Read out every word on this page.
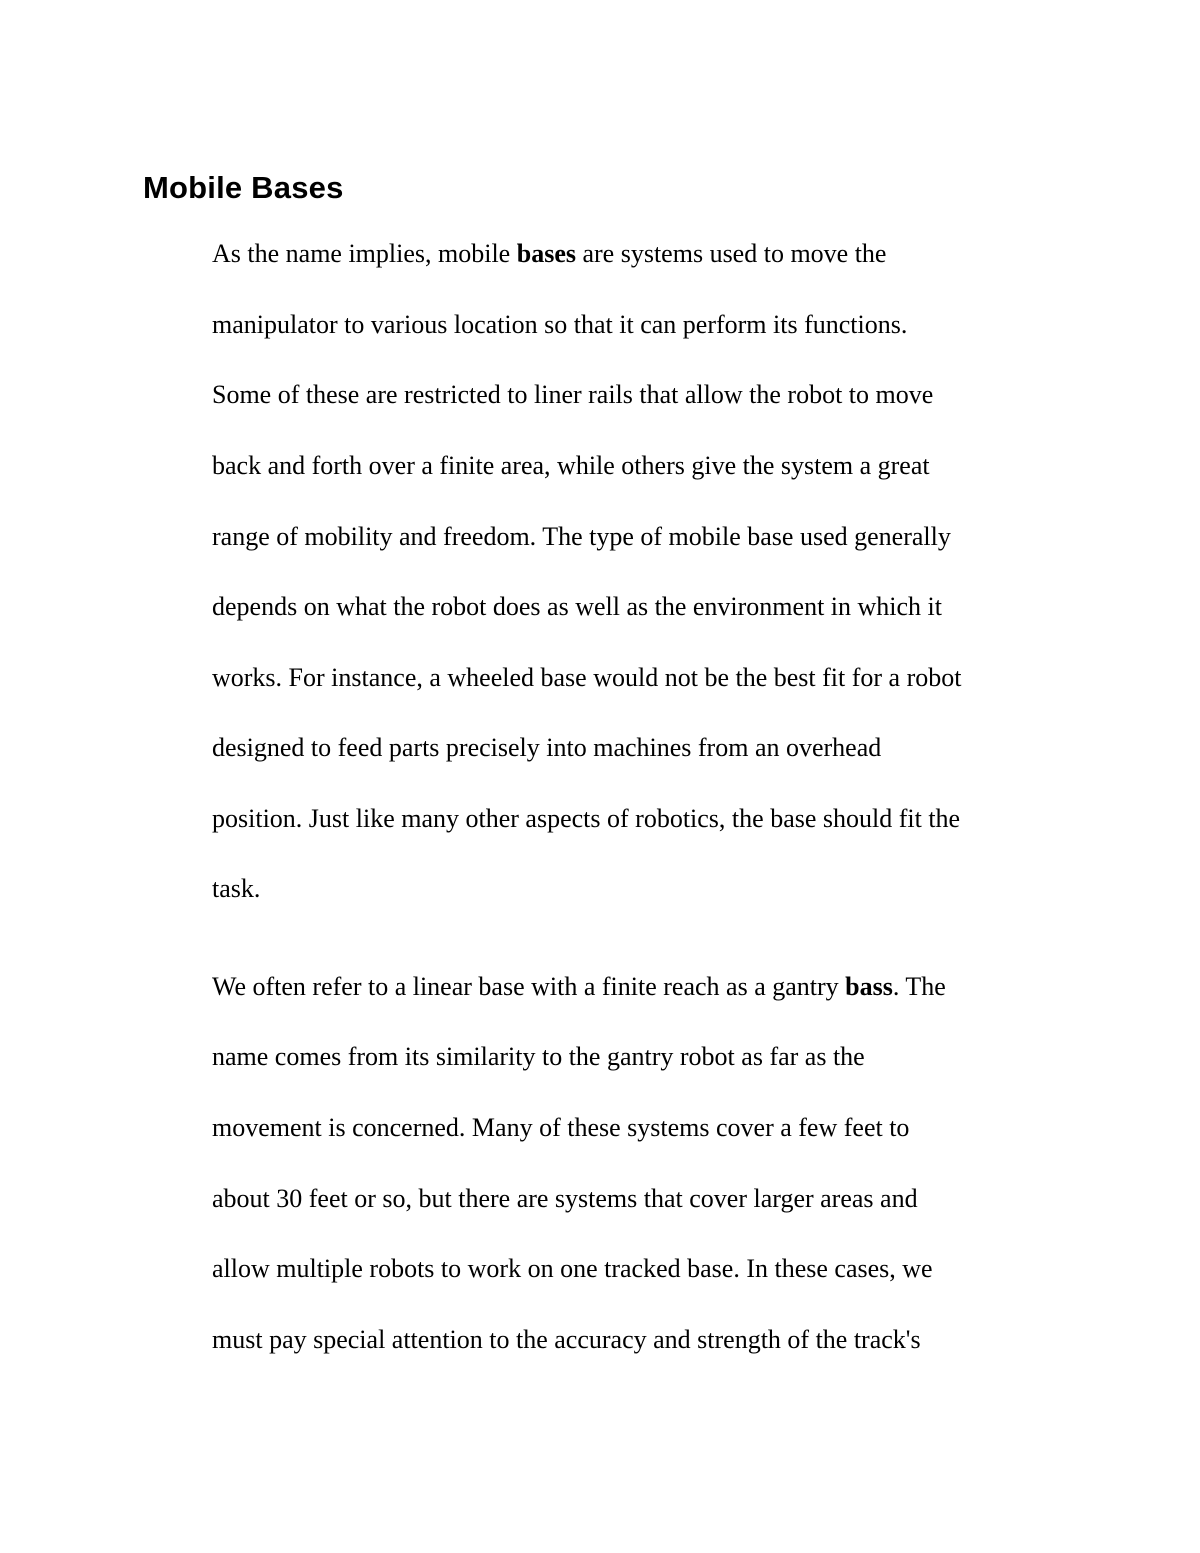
Mobile Bases

As the name implies, mobile bases are systems used to move the

manipulator to various location so that it can perform its functions.

Some of these are restricted to liner rails that allow the robot to move

back and forth over a finite area, while others give the system a great

range of mobility and freedom. The type of mobile base used generally

depends on what the robot does as well as the environment in which it

works. For instance, a wheeled base would not be the best fit for a robot

designed to feed parts precisely into machines from an overhead

position. Just like many other aspects of robotics, the base should fit the

task.

We often refer to a linear base with a finite reach as a gantry bass. The

name comes from its similarity to the gantry robot as far as the

movement is concerned. Many of these systems cover a few feet to

about 30 feet or so, but there are systems that cover larger areas and

allow multiple robots to work on one tracked base. In these cases, we

must pay special attention to the accuracy and strength of the track's
